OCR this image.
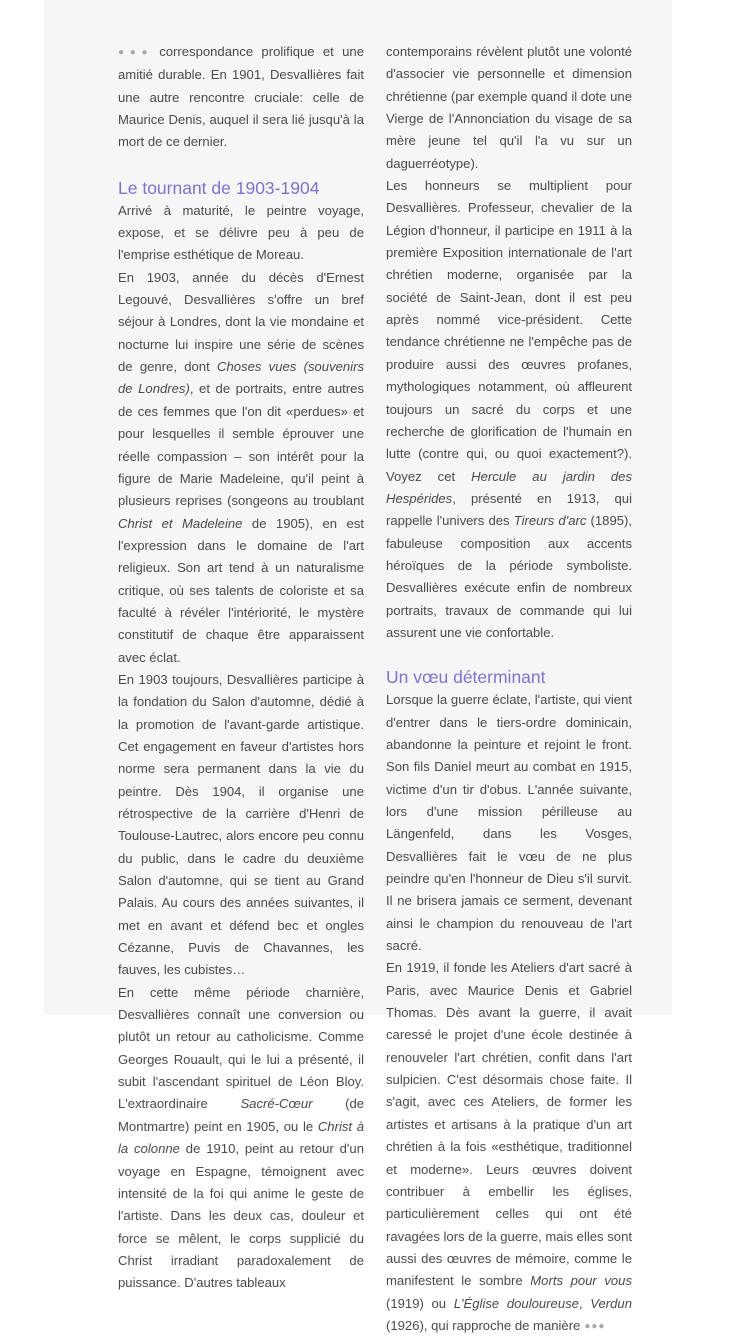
●●● correspondance prolifique et une amitié durable. En 1901, Desvallières fait une autre rencontre cruciale: celle de Maurice Denis, auquel il sera lié jusqu'à la mort de ce dernier.

Le tournant de 1903-1904

Arrivé à maturité, le peintre voyage, expose, et se délivre peu à peu de l'emprise esthétique de Moreau.

En 1903, année du décès d'Ernest Legouvé, Desvallières s'offre un bref séjour à Londres, dont la vie mondaine et nocturne lui inspire une série de scènes de genre, dont Choses vues (souvenirs de Londres), et de portraits, entre autres de ces femmes que l'on dit «perdues» et pour lesquelles il semble éprouver une réelle compassion – son intérêt pour la figure de Marie Madeleine, qu'il peint à plusieurs reprises (songeons au troublant Christ et Madeleine de 1905), en est l'expression dans le domaine de l'art religieux. Son art tend à un naturalisme critique, où ses talents de coloriste et sa faculté à révéler l'intériorité, le mystère constitutif de chaque être apparaissent avec éclat.

En 1903 toujours, Desvallières participe à la fondation du Salon d'automne, dédié à la promotion de l'avant-garde artistique. Cet engagement en faveur d'artistes hors norme sera permanent dans la vie du peintre. Dès 1904, il organise une rétrospective de la carrière d'Henri de Toulouse-Lautrec, alors encore peu connu du public, dans le cadre du deuxième Salon d'automne, qui se tient au Grand Palais. Au cours des années suivantes, il met en avant et défend bec et ongles Cézanne, Puvis de Chavannes, les fauves, les cubistes…

En cette même période charnière, Desvallières connaît une conversion ou plutôt un retour au catholicisme. Comme Georges Rouault, qui le lui a présenté, il subit l'ascendant spirituel de Léon Bloy. L'extraordinaire Sacré-Cœur (de Montmartre) peint en 1905, ou le Christ à la colonne de 1910, peint au retour d'un voyage en Espagne, témoignent avec intensité de la foi qui anime le geste de l'artiste. Dans les deux cas, douleur et force se mêlent, le corps supplicié du Christ irradiant paradoxalement de puissance. D'autres tableaux

contemporains révèlent plutôt une volonté d'associer vie personnelle et dimension chrétienne (par exemple quand il dote une Vierge de l'Annonciation du visage de sa mère jeune tel qu'il l'a vu sur un daguerréotype).

Les honneurs se multiplient pour Desvallières. Professeur, chevalier de la Légion d'honneur, il participe en 1911 à la première Exposition internationale de l'art chrétien moderne, organisée par la société de Saint-Jean, dont il est peu après nommé vice-président. Cette tendance chrétienne ne l'empêche pas de produire aussi des œuvres profanes, mythologiques notamment, où affleurent toujours un sacré du corps et une recherche de glorification de l'humain en lutte (contre qui, ou quoi exactement?). Voyez cet Hercule au jardin des Hespérides, présenté en 1913, qui rappelle l'univers des Tireurs d'arc (1895), fabuleuse composition aux accents héroïques de la période symboliste. Desvallières exécute enfin de nombreux portraits, travaux de commande qui lui assurent une vie confortable.

Un vœu déterminant

Lorsque la guerre éclate, l'artiste, qui vient d'entrer dans le tiers-ordre dominicain, abandonne la peinture et rejoint le front. Son fils Daniel meurt au combat en 1915, victime d'un tir d'obus. L'année suivante, lors d'une mission périlleuse au Längenfeld, dans les Vosges, Desvallières fait le vœu de ne plus peindre qu'en l'honneur de Dieu s'il survit. Il ne brisera jamais ce serment, devenant ainsi le champion du renouveau de l'art sacré.

En 1919, il fonde les Ateliers d'art sacré à Paris, avec Maurice Denis et Gabriel Thomas. Dès avant la guerre, il avait caressé le projet d'une école destinée à renouveler l'art chrétien, confit dans l'art sulpicien. C'est désormais chose faite. Il s'agit, avec ces Ateliers, de former les artistes et artisans à la pratique d'un art chrétien à la fois «esthétique, traditionnel et moderne». Leurs œuvres doivent contribuer à embellir les églises, particulièrement celles qui ont été ravagées lors de la guerre, mais elles sont aussi des œuvres de mémoire, comme le manifestent le sombre Morts pour vous (1919) ou L'Église douloureuse, Verdun (1926), qui rapproche de manière ●●●
